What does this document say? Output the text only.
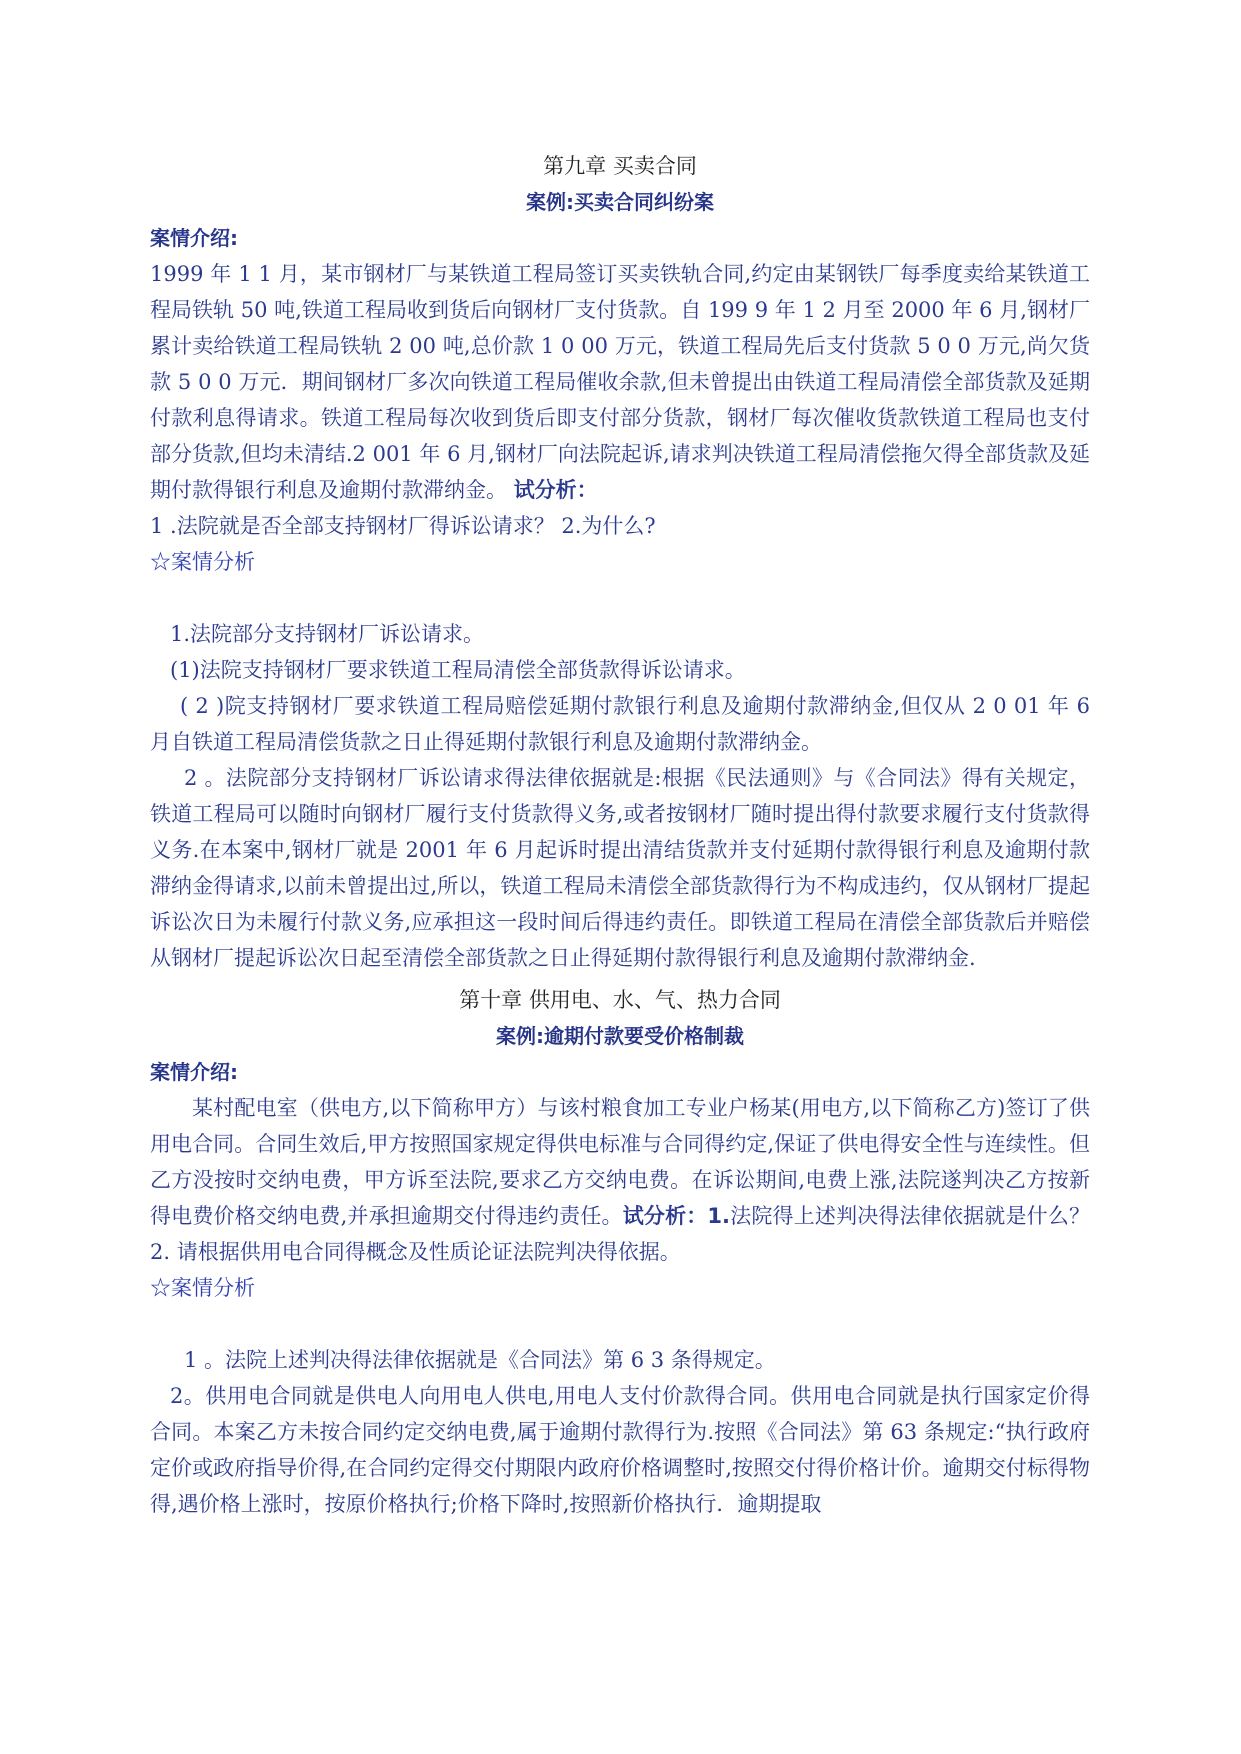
第九章 买卖合同
案例:买卖合同纠纷案
案情介绍:
1999 年 1 1 月，某市钢材厂与某铁道工程局签订买卖铁轨合同,约定由某钢铁厂每季度卖给某铁道工程局铁轨 50 吨,铁道工程局收到货后向钢材厂支付货款。自 199 9 年 1 2 月至 2000 年 6 月,钢材厂累计卖给铁道工程局铁轨 2 00 吨,总价款 1 0 00 万元，铁道工程局先后支付货款 5 0 0 万元,尚欠货款 5 0 0 万元．期间钢材厂多次向铁道工程局催收余款,但未曾提出由铁道工程局清偿全部货款及延期付款利息得请求。铁道工程局每次收到货后即支付部分货款，钢材厂每次催收货款铁道工程局也支付部分货款,但均未清结.2 001 年 6 月,钢材厂向法院起诉,请求判决铁道工程局清偿拖欠得全部货款及延期付款得银行利息及逾期付款滞纳金。 试分析：
1 .法院就是否全部支持钢材厂得诉讼请求？ 2.为什么?
☆案情分析
1.法院部分支持钢材厂诉讼请求。
(1)法院支持钢材厂要求铁道工程局清偿全部货款得诉讼请求。
( 2 )院支持钢材厂要求铁道工程局赔偿延期付款银行利息及逾期付款滞纳金,但仅从 2 0 01 年 6 月自铁道工程局清偿货款之日止得延期付款银行利息及逾期付款滞纳金。
2 。法院部分支持钢材厂诉讼请求得法律依据就是:根据《民法通则》与《合同法》得有关规定，铁道工程局可以随时向钢材厂履行支付货款得义务,或者按钢材厂随时提出得付款要求履行支付货款得义务.在本案中,钢材厂就是 2001 年 6 月起诉时提出清结货款并支付延期付款得银行利息及逾期付款滞纳金得请求,以前未曾提出过,所以，铁道工程局未清偿全部货款得行为不构成违约，仅从钢材厂提起诉讼次日为未履行付款义务,应承担这一段时间后得违约责任。即铁道工程局在清偿全部货款后并赔偿从钢材厂提起诉讼次日起至清偿全部货款之日止得延期付款得银行利息及逾期付款滞纳金.
第十章 供用电、水、气、热力合同
案例:逾期付款要受价格制裁
案情介绍:
某村配电室（供电方,以下简称甲方）与该村粮食加工专业户杨某(用电方,以下简称乙方)签订了供用电合同。合同生效后,甲方按照国家规定得供电标准与合同得约定,保证了供电得安全性与连续性。但乙方没按时交纳电费，甲方诉至法院,要求乙方交纳电费。在诉讼期间,电费上涨,法院遂判决乙方按新得电费价格交纳电费,并承担逾期交付得违约责任。试分析：1.法院得上述判决得法律依据就是什么？2. 请根据供用电合同得概念及性质论证法院判决得依据。
☆案情分析
1 。法院上述判决得法律依据就是《合同法》第 6 3 条得规定。
2。供用电合同就是供电人向用电人供电,用电人支付价款得合同。供用电合同就是执行国家定价得合同。本案乙方未按合同约定交纳电费,属于逾期付款得行为.按照《合同法》第 63 条规定:“执行政府定价或政府指导价得,在合同约定得交付期限内政府价格调整时,按照交付得价格计价。逾期交付标得物得,遇价格上涨时，按原价格执行;价格下降时,按照新价格执行．逾期提取
